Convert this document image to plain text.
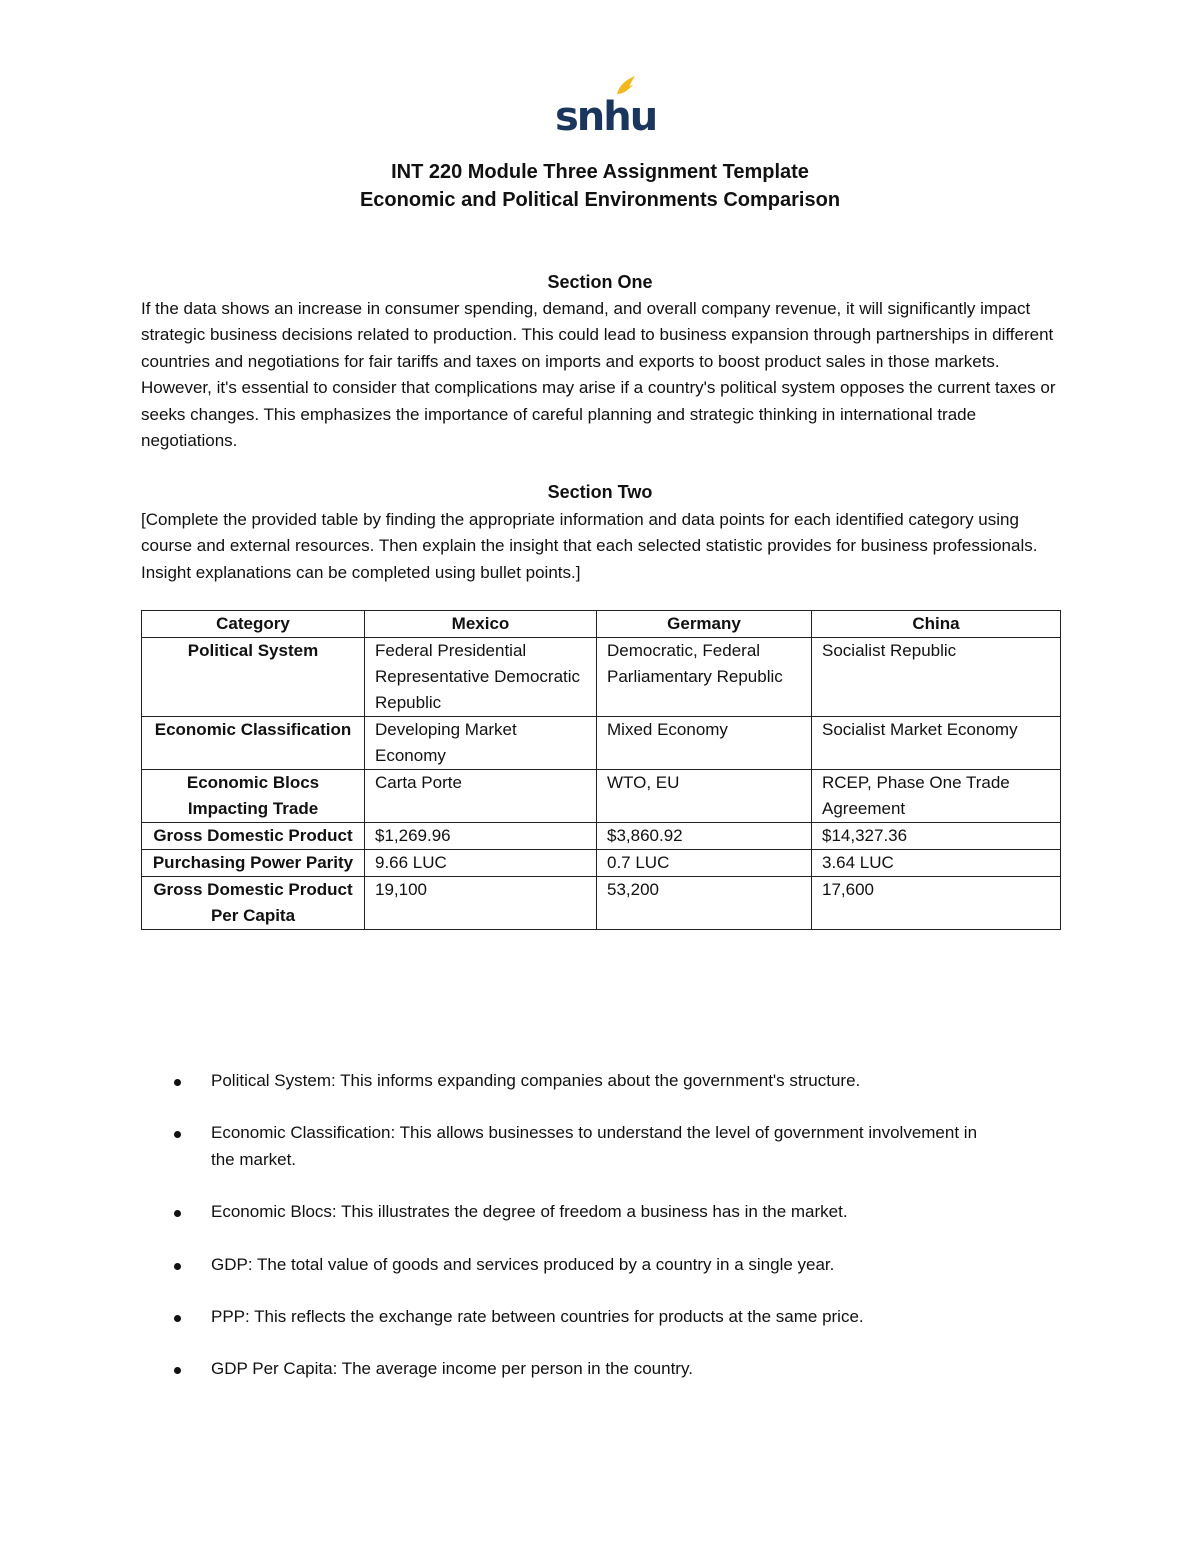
snhu
INT 220 Module Three Assignment Template
Economic and Political Environments Comparison
Section One
If the data shows an increase in consumer spending, demand, and overall company revenue, it will significantly impact strategic business decisions related to production. This could lead to business expansion through partnerships in different countries and negotiations for fair tariffs and taxes on imports and exports to boost product sales in those markets. However, it's essential to consider that complications may arise if a country's political system opposes the current taxes or seeks changes. This emphasizes the importance of careful planning and strategic thinking in international trade negotiations.
Section Two
[Complete the provided table by finding the appropriate information and data points for each identified category using course and external resources. Then explain the insight that each selected statistic provides for business professionals. Insight explanations can be completed using bullet points.]
Category	Mexico	Germany	China
Political System	Federal Presidential Representative Democratic Republic	Democratic, Federal Parliamentary Republic	Socialist Republic
Economic Classification	Developing Market Economy	Mixed Economy	Socialist Market Economy
Economic Blocs Impacting Trade	Carta Porte	WTO, EU	RCEP, Phase One Trade Agreement
Gross Domestic Product	$1,269.96	$3,860.92	$14,327.36
Purchasing Power Parity	9.66 LUC	0.7 LUC	3.64 LUC
Gross Domestic Product Per Capita	19,100	53,200	17,600
Political System: This informs expanding companies about the government's structure.
Economic Classification: This allows businesses to understand the level of government involvement in the market.
Economic Blocs: This illustrates the degree of freedom a business has in the market.
GDP: The total value of goods and services produced by a country in a single year.
PPP: This reflects the exchange rate between countries for products at the same price.
GDP Per Capita: The average income per person in the country.
